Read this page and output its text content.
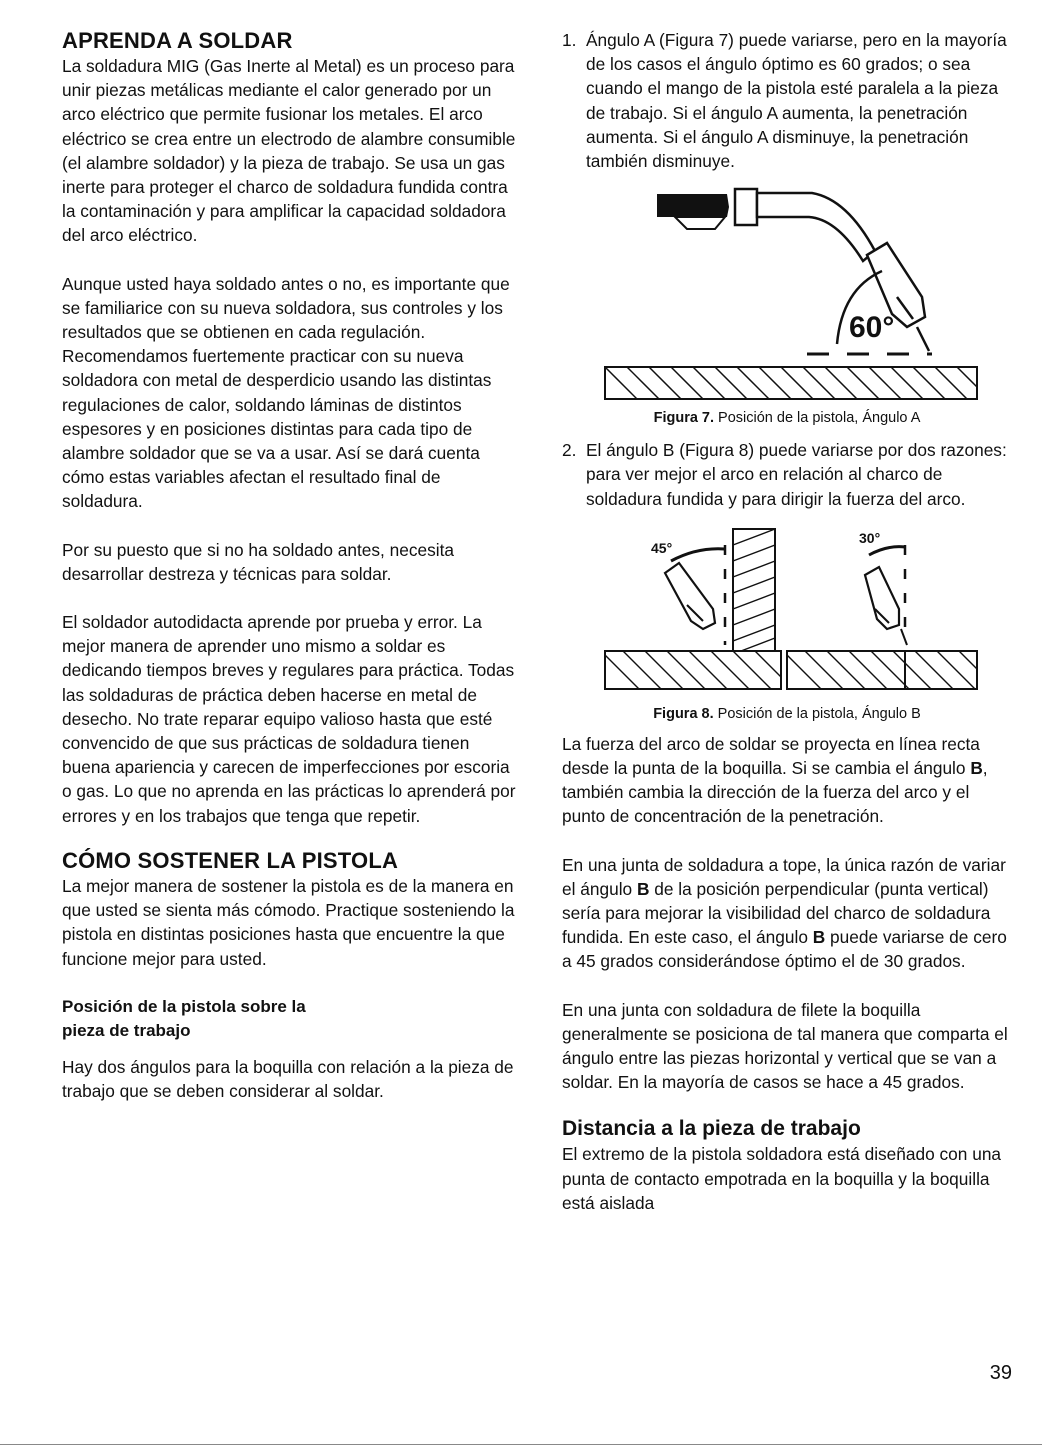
APRENDA A SOLDAR

La soldadura MIG (Gas Inerte al Metal) es un proceso para unir piezas metálicas mediante el calor generado por un arco eléctrico que permite fusionar los metales. El arco eléctrico se crea entre un electrodo de alambre consumible (el alambre soldador) y la pieza de trabajo. Se usa un gas inerte para proteger el charco de soldadura fundida contra la contaminación y para amplificar la capacidad soldadora del arco eléctrico.

Aunque usted haya soldado antes o no, es importante que se familiarice con su nueva soldadora, sus controles y los resultados que se obtienen en cada regulación. Recomendamos fuertemente practicar con su nueva soldadora con metal de desperdicio usando las distintas regulaciones de calor, soldando láminas de distintos espesores y en posiciones distintas para cada tipo de alambre soldador que se va a usar. Así se dará cuenta cómo estas variables afectan el resultado final de soldadura.

Por su puesto que si no ha soldado antes, necesita desarrollar destreza y técnicas para soldar.

El soldador autodidacta aprende por prueba y error. La mejor manera de aprender uno mismo a soldar es dedicando tiempos breves y regulares para práctica. Todas las soldaduras de práctica deben hacerse en metal de desecho. No trate reparar equipo valioso hasta que esté convencido de que sus prácticas de soldadura tienen buena apariencia y carecen de imperfecciones por escoria o gas. Lo que no aprenda en las prácticas lo aprenderá por errores y en los trabajos que tenga que repetir.

CÓMO SOSTENER LA PISTOLA

La mejor manera de sostener la pistola es de la manera en que usted se sienta más cómodo. Practique sosteniendo la pistola en distintas posiciones hasta que encuentre la que funcione mejor para usted.

Posición de la pistola sobre la
pieza de trabajo

Hay dos ángulos para la boquilla con relación a la pieza de trabajo que se deben considerar al soldar.

1. Ángulo A (Figura 7) puede variarse, pero en la mayoría de los casos el ángulo óptimo es 60 grados; o sea cuando el mango de la pistola esté paralela a la pieza de trabajo. Si el ángulo A aumenta, la penetración aumenta. Si el ángulo A disminuye, la penetración también disminuye.
60°
Figura 7. Posición de la pistola, Ángulo A
2. El ángulo B (Figura 8) puede variarse por dos razones: para ver mejor el arco en relación al charco de soldadura fundida y para dirigir la fuerza del arco.
45°
30°
Figura 8. Posición de la pistola, Ángulo B

La fuerza del arco de soldar se proyecta en línea recta desde la punta de la boquilla. Si se cambia el ángulo B, también cambia la dirección de la fuerza del arco y el punto de concentración de la penetración.

En una junta de soldadura a tope, la única razón de variar el ángulo B de la posición perpendicular (punta vertical) sería para mejorar la visibilidad del charco de soldadura fundida. En este caso, el ángulo B puede variarse de cero a 45 grados considerándose óptimo el de 30 grados.

En una junta con soldadura de filete la boquilla generalmente se posiciona de tal manera que comparta el ángulo entre las piezas horizontal y vertical que se van a soldar. En la mayoría de casos se hace a 45 grados.

Distancia a la pieza de trabajo

El extremo de la pistola soldadora está diseñado con una punta de contacto empotrada en la boquilla y la boquilla está aislada

39
